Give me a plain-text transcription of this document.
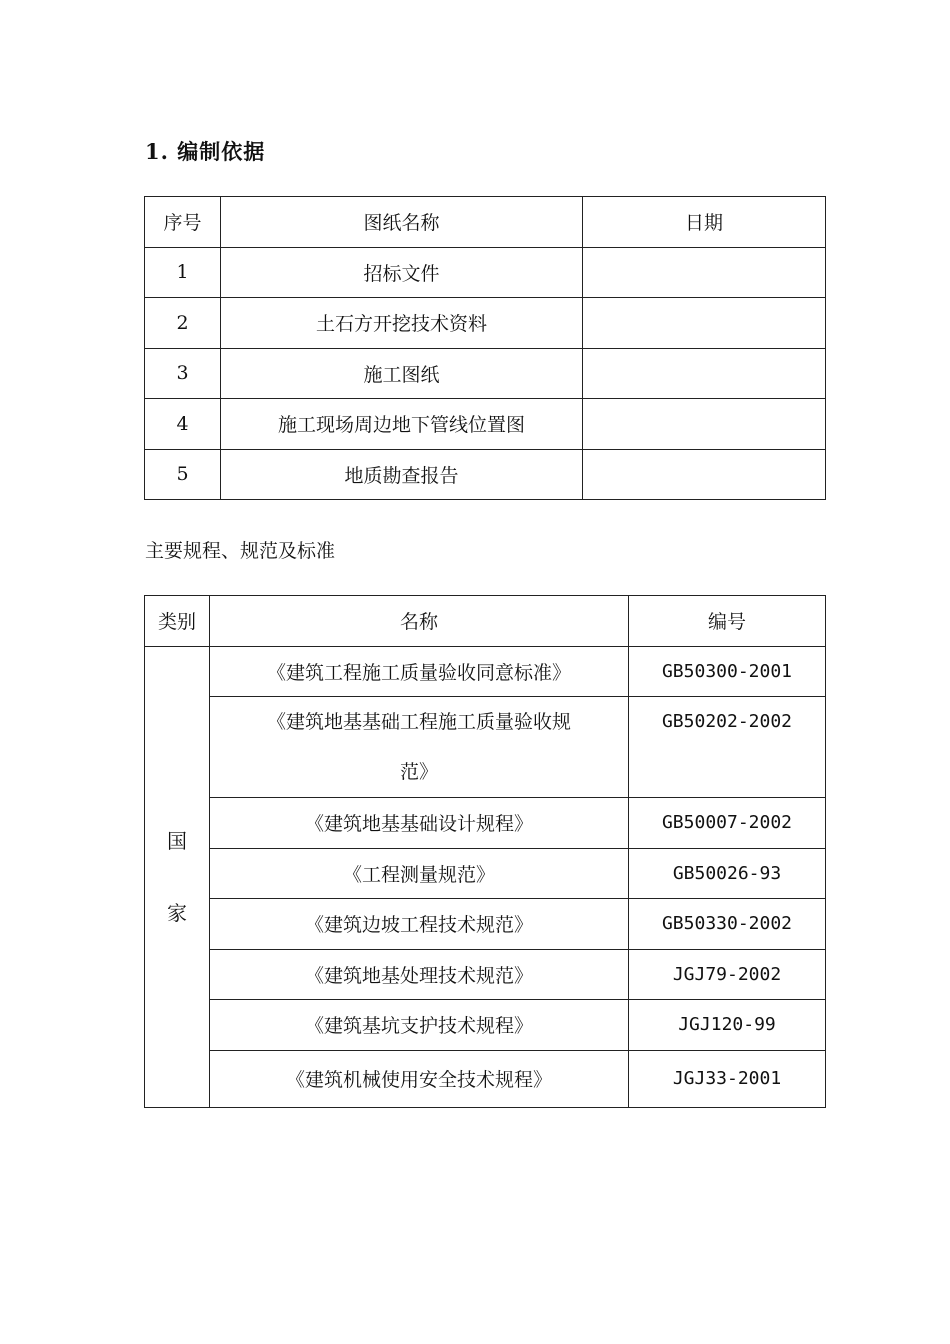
1. 编制依据
序号	图纸名称	日期
1	招标文件	
2	土石方开挖技术资料	
3	施工图纸	
4	施工现场周边地下管线位置图	
5	地质勘查报告	

主要规程、规范及标准

类别	名称	编号

国
家	《建筑工程施工质量验收同意标准》	GB50300-2001

	《建筑地基基础工程施工质量验收规
范》	GB50202-2002
	《建筑地基基础设计规程》	GB50007-2002
	《工程测量规范》	GB50026-93
	《建筑边坡工程技术规范》	GB50330-2002
	《建筑地基处理技术规范》	JGJ79-2002
	《建筑基坑支护技术规程》	JGJ120-99
	《建筑机械使用安全技术规程》	JGJ33-2001
